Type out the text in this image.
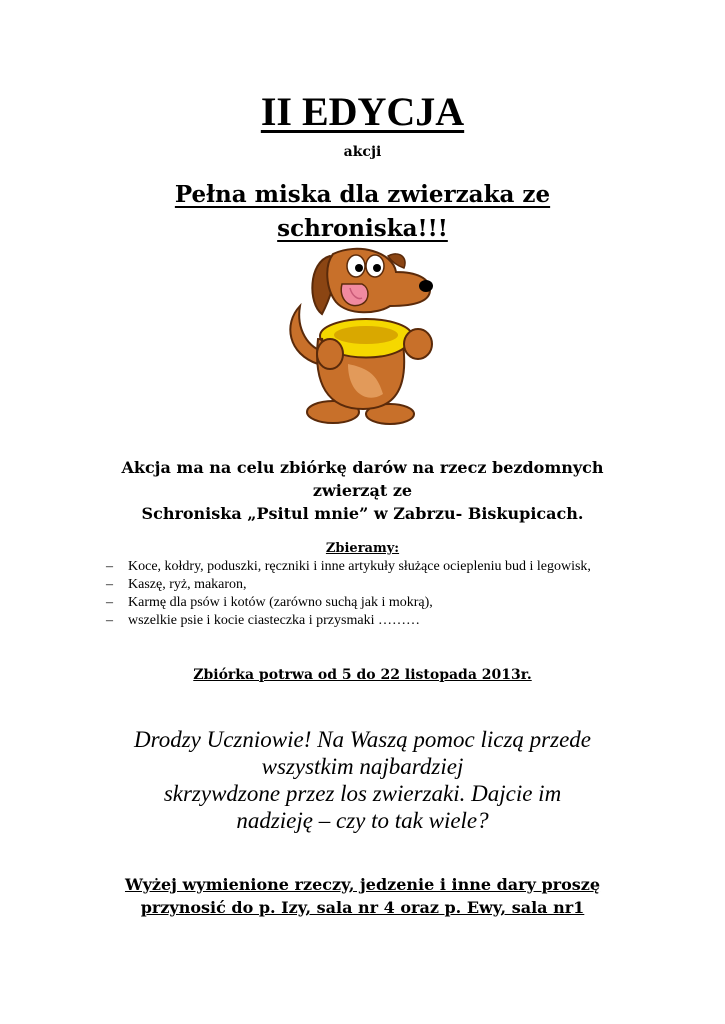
II EDYCJA
akcji
Pełna miska dla zwierzaka ze
schroniska!!!
Akcja ma na celu zbiórkę darów na rzecz bezdomnych
zwierząt ze
Schroniska „Psitul mnie” w Zabrzu- Biskupicach.
Zbieramy:
– Koce, kołdry, poduszki, ręczniki i inne artykuły służące ociepleniu bud i legowisk,
– Kaszę, ryż, makaron,
– Karmę dla psów i kotów (zarówno suchą jak i mokrą),
– wszelkie psie i kocie ciasteczka i przysmaki ………
Zbiórka potrwa od 5 do 22 listopada 2013r.
Drodzy Uczniowie! Na Waszą pomoc liczą przede
wszystkim najbardziej
skrzywdzone przez los zwierzaki. Dajcie im
nadzieję – czy to tak wiele?
Wyżej wymienione rzeczy, jedzenie i inne dary proszę
przynosić do p. Izy, sala nr 4 oraz p. Ewy, sala nr1
